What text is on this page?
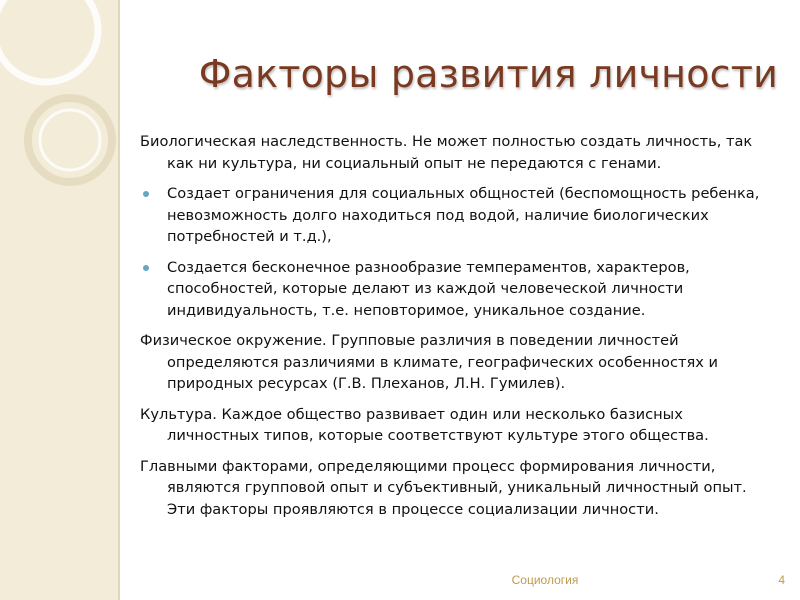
Факторы развития личности

Биологическая наследственность. Не может полностью создать личность, так как ни культура, ни социальный опыт не передаются с генами.

Создает ограничения для социальных общностей (беспомощность ребенка, невозможность долго находиться под водой, наличие биологических потребностей и т.д.),
Создается бесконечное разнообразие темпераментов, характеров, способностей, которые делают из каждой человеческой личности индивидуальность, т.е. неповторимое, уникальное создание.

Физическое окружение. Групповые различия в поведении личностей определяются различиями в климате, географических особенностях и природных ресурсах (Г.В. Плеханов, Л.Н. Гумилев).

Культура. Каждое общество развивает один или несколько базисных личностных типов, которые соответствуют культуре этого общества.

Главными факторами, определяющими процесс формирования личности, являются групповой опыт и субъективный, уникальный личностный опыт. Эти факторы проявляются в процессе социализации личности.

Социология	4
